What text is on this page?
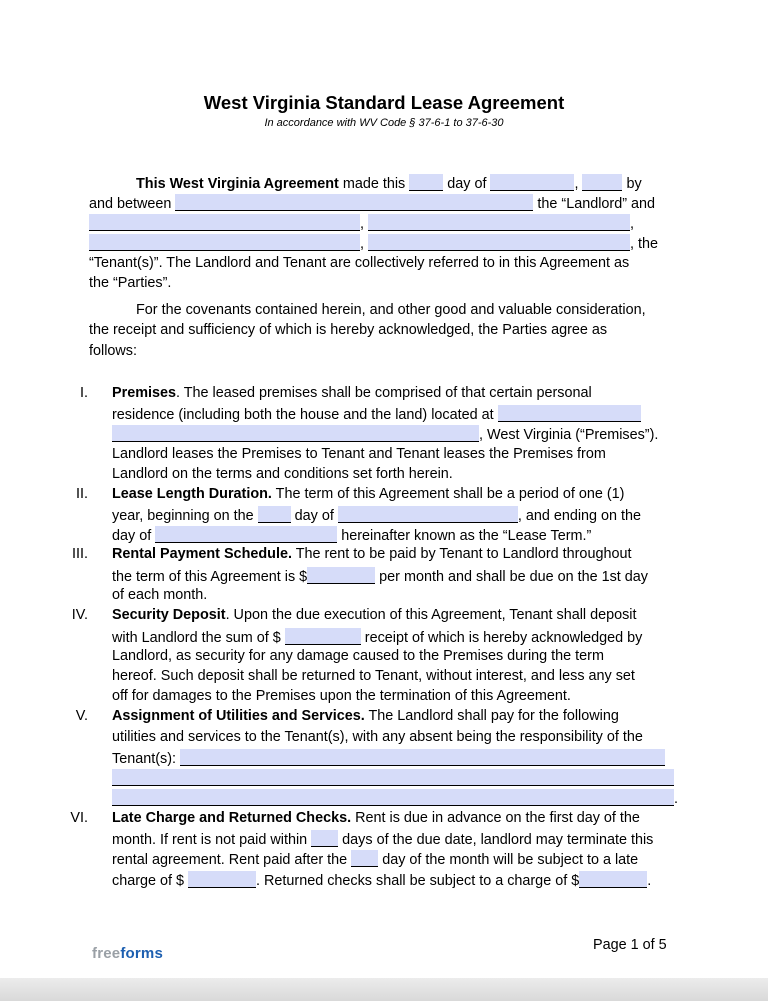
West Virginia Standard Lease Agreement
In accordance with WV Code § 37-6-1 to 37-6-30
This West Virginia Agreement made this  day of	,	by
and between	the “Landlord” and
,	,
,	, the
“Tenant(s)”. The Landlord and Tenant are collectively referred to in this Agreement as
the “Parties”.
For the covenants contained herein, and other good and valuable consideration,
the receipt and sufficiency of which is hereby acknowledged, the Parties agree as
follows:
I. Premises. The leased premises shall be comprised of that certain personal
residence (including both the house and the land) located at
, West Virginia (“Premises”).
Landlord leases the Premises to Tenant and Tenant leases the Premises from
Landlord on the terms and conditions set forth herein.
II. Lease Length Duration. The term of this Agreement shall be a period of one (1)
year, beginning on the  day of	, and ending on the
day of	hereinafter known as the “Lease Term.”
III. Rental Payment Schedule. The rent to be paid by Tenant to Landlord throughout
the term of this Agreement is $	per month and shall be due on the 1st day
of each month.
IV. Security Deposit. Upon the due execution of this Agreement, Tenant shall deposit
with Landlord the sum of $	receipt of which is hereby acknowledged by
Landlord, as security for any damage caused to the Premises during the term
hereof. Such deposit shall be returned to Tenant, without interest, and less any set
off for damages to the Premises upon the termination of this Agreement.
V. Assignment of Utilities and Services. The Landlord shall pay for the following
utilities and services to the Tenant(s), with any absent being the responsibility of the
Tenant(s):
.
VI. Late Charge and Returned Checks. Rent is due in advance on the first day of the
month. If rent is not paid within  days of the due date, landlord may terminate this
rental agreement. Rent paid after the  day of the month will be subject to a late
charge of $	. Returned checks shall be subject to a charge of $	.
freeforms	Page 1 of 5
